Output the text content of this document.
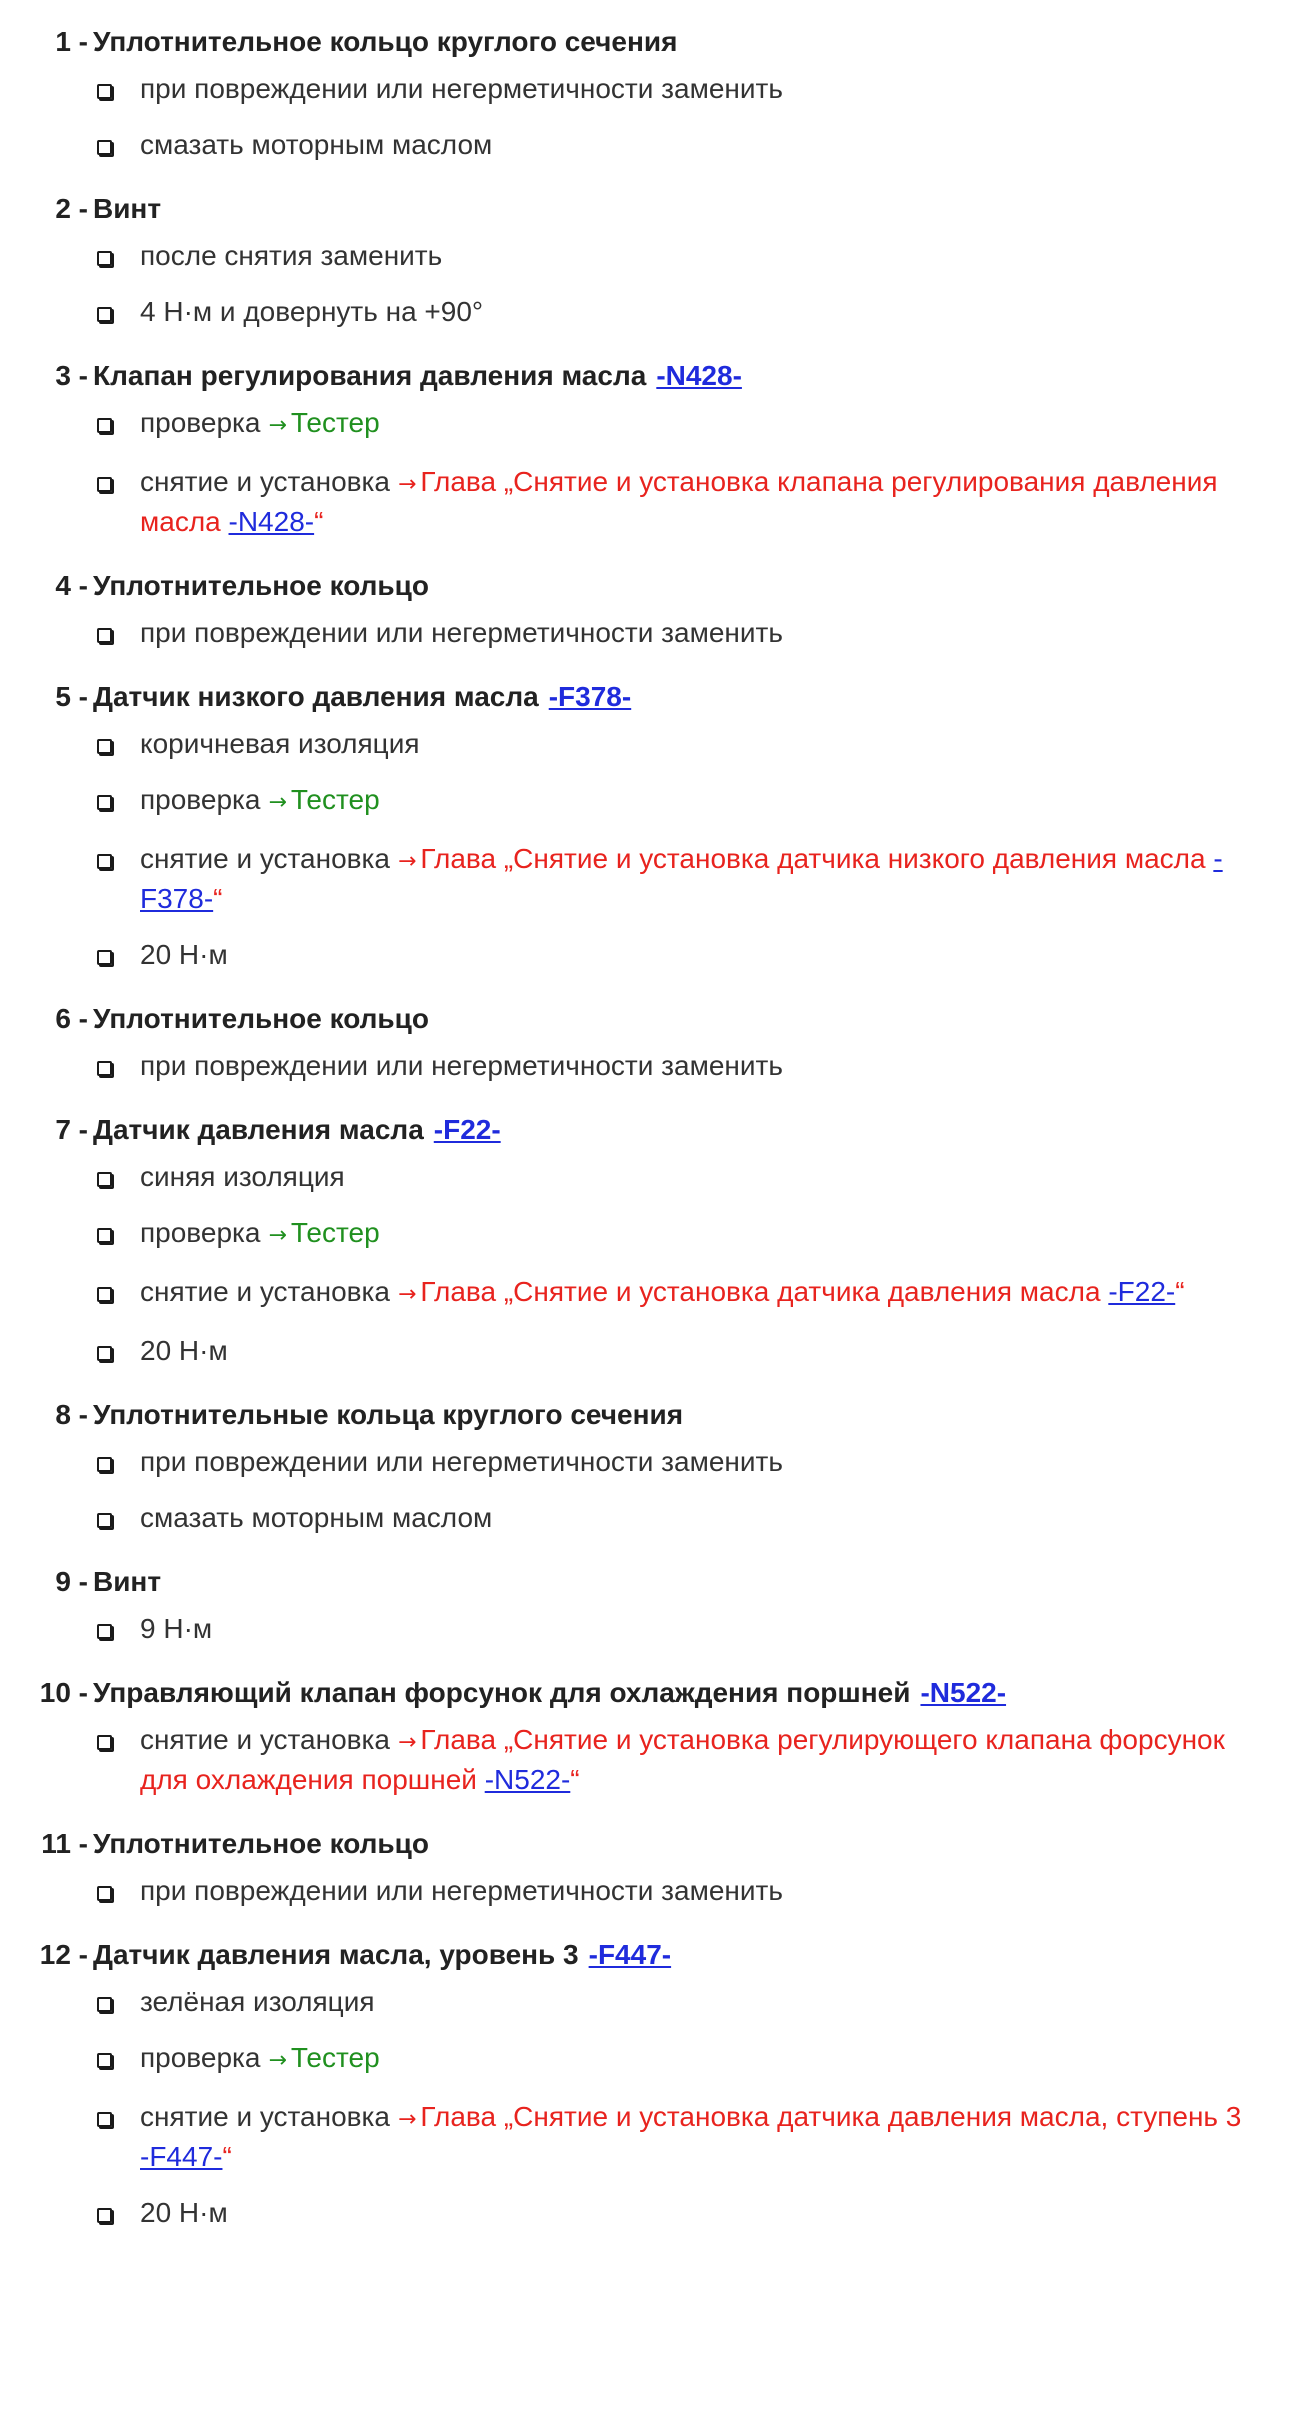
1 - Уплотнительное кольцо круглого сечения
при повреждении или негерметичности заменить
смазать моторным маслом
2 - Винт
после снятия заменить
4 Н·м и довернуть на +90°
3 - Клапан регулирования давления масла -N428-
проверка → Тестер
снятие и установка → Глава „Снятие и установка клапана регулирования давления масла -N428-“
4 - Уплотнительное кольцо
при повреждении или негерметичности заменить
5 - Датчик низкого давления масла -F378-
коричневая изоляция
проверка → Тестер
снятие и установка → Глава „Снятие и установка датчика низкого давления масла -F378-“
20 Н·м
6 - Уплотнительное кольцо
при повреждении или негерметичности заменить
7 - Датчик давления масла -F22-
синяя изоляция
проверка → Тестер
снятие и установка → Глава „Снятие и установка датчика давления масла -F22-“
20 Н·м
8 - Уплотнительные кольца круглого сечения
при повреждении или негерметичности заменить
смазать моторным маслом
9 - Винт
9 Н·м
10 - Управляющий клапан форсунок для охлаждения поршней -N522-
снятие и установка → Глава „Снятие и установка регулирующего клапана форсунок для охлаждения поршней -N522-“
11 - Уплотнительное кольцо
при повреждении или негерметичности заменить
12 - Датчик давления масла, уровень 3 -F447-
зелёная изоляция
проверка → Тестер
снятие и установка → Глава „Снятие и установка датчика давления масла, ступень 3 -F447-“
20 Н·м
